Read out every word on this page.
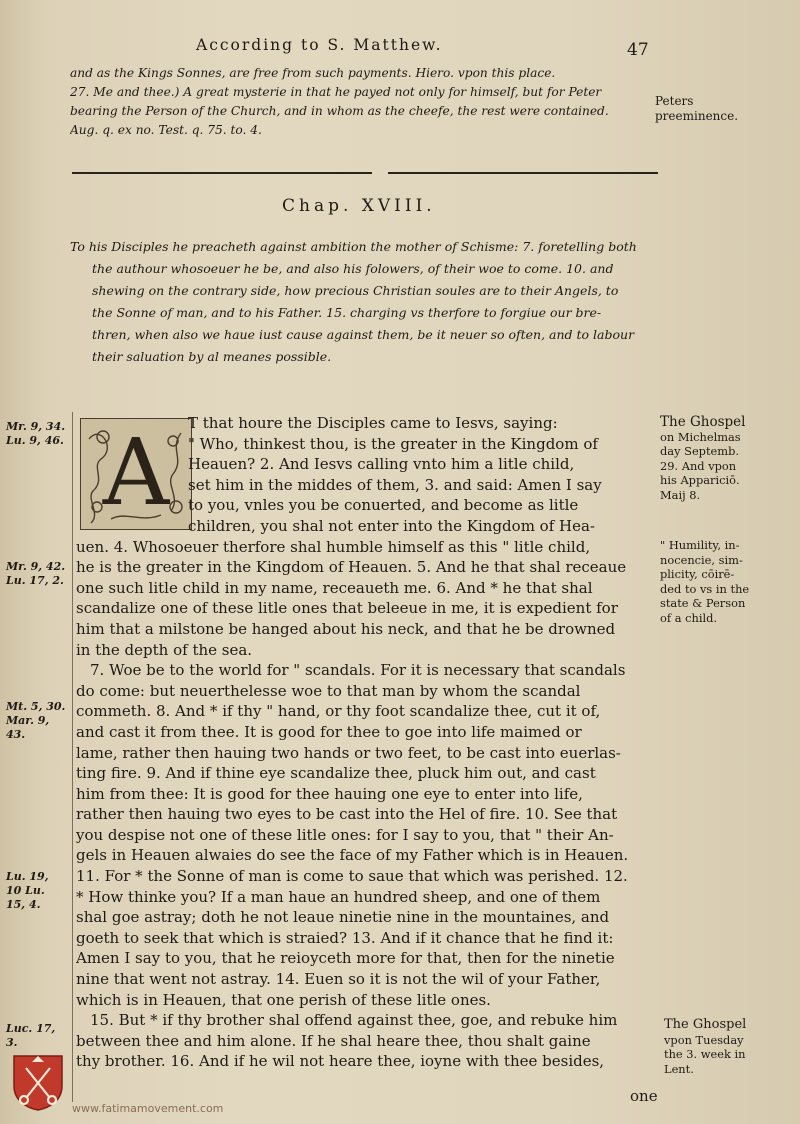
According to S. Matthew.	47
and as the Kings Sonnes, are free from such payments. Hiero. vpon this place.
27. Me and thee.) A great mysterie in that he payed not only for himself, but for Peter
bearing the Person of the Church, and in whom as the cheefe, the rest were contained.
Aug. q. ex no. Test. q. 75. to. 4.
Peters preeminence.
Chap. XVIII.
To his Disciples he preacheth against ambition the mother of Schisme: 7. foretelling both
the authour whosoeuer he be, and also his folowers, of their woe to come. 10. and
shewing on the contrary side, how precious Christian soules are to their Angels, to
the Sonne of man, and to his Father. 15. charging vs therfore to forgiue our bre-
thren, when also we haue iust cause against them, be it neuer so often, and to labour
their saluation by al meanes possible.
A	T that houre the Disciples came to Iesvs, saying:
" Who, thinkest thou, is the greater in the Kingdom of
Heauen? 2. And Iesvs calling vnto him a litle child,
set him in the middes of them, 3. and said: Amen I say
to you, vnles you be conuerted, and become as litle
children, you shal not enter into the Kingdom of Hea-
uen. 4. Whosoeuer therfore shal humble himself as this " litle child,
he is the greater in the Kingdom of Heauen. 5. And he that shal receaue
one such litle child in my name, receaueth me. 6. And * he that shal
scandalize one of these litle ones that beleeue in me, it is expedient for
him that a milstone be hanged about his neck, and that he be drowned
in the depth of the sea.
7. Woe be to the world for " scandals. For it is necessary that scandals
do come: but neuerthelesse woe to that man by whom the scandal
commeth. 8. And * if thy " hand, or thy foot scandalize thee, cut it of,
and cast it from thee. It is good for thee to goe into life maimed or
lame, rather then hauing two hands or two feet, to be cast into euerlas-
ting fire. 9. And if thine eye scandalize thee, pluck him out, and cast
him from thee: It is good for thee hauing one eye to enter into life,
rather then hauing two eyes to be cast into the Hel of fire. 10. See that
you despise not one of these litle ones: for I say to you, that " their An-
gels in Heauen alwaies do see the face of my Father which is in Heauen.
11. For * the Sonne of man is come to saue that which was perished. 12.
* How thinke you? If a man haue an hundred sheep, and one of them
shal goe astray; doth he not leaue ninetie nine in the mountaines, and
goeth to seek that which is straied? 13. And if it chance that he find it:
Amen I say to you, that he reioyceth more for that, then for the ninetie
nine that went not astray. 14. Euen so it is not the wil of your Father,
which is in Heauen, that one perish of these litle ones.
15. But * if thy brother shal offend against thee, goe, and rebuke him
between thee and him alone. If he shal heare thee, thou shalt gaine
thy brother. 16. And if he wil not heare thee, ioyne with thee besides,
Mr. 9, 34. Lu. 9, 46.
Mr. 9, 42. Lu. 17, 2.
Mt. 5, 30. Mar. 9, 43.
Lu. 19, 10 Lu. 15, 4.
Luc. 17, 3.
The Ghospel
on Michelmas
day Septemb.
29. And vpon
his Appariciō.
Maij 8.
" Humility, in-
nocencie, sim-
plicity, cōirē-
ded to vs in the
state & Person
of a child.
The Ghospel
vpon Tuesday
the 3. week in
Lent.
one
www.fatimamovement.com
